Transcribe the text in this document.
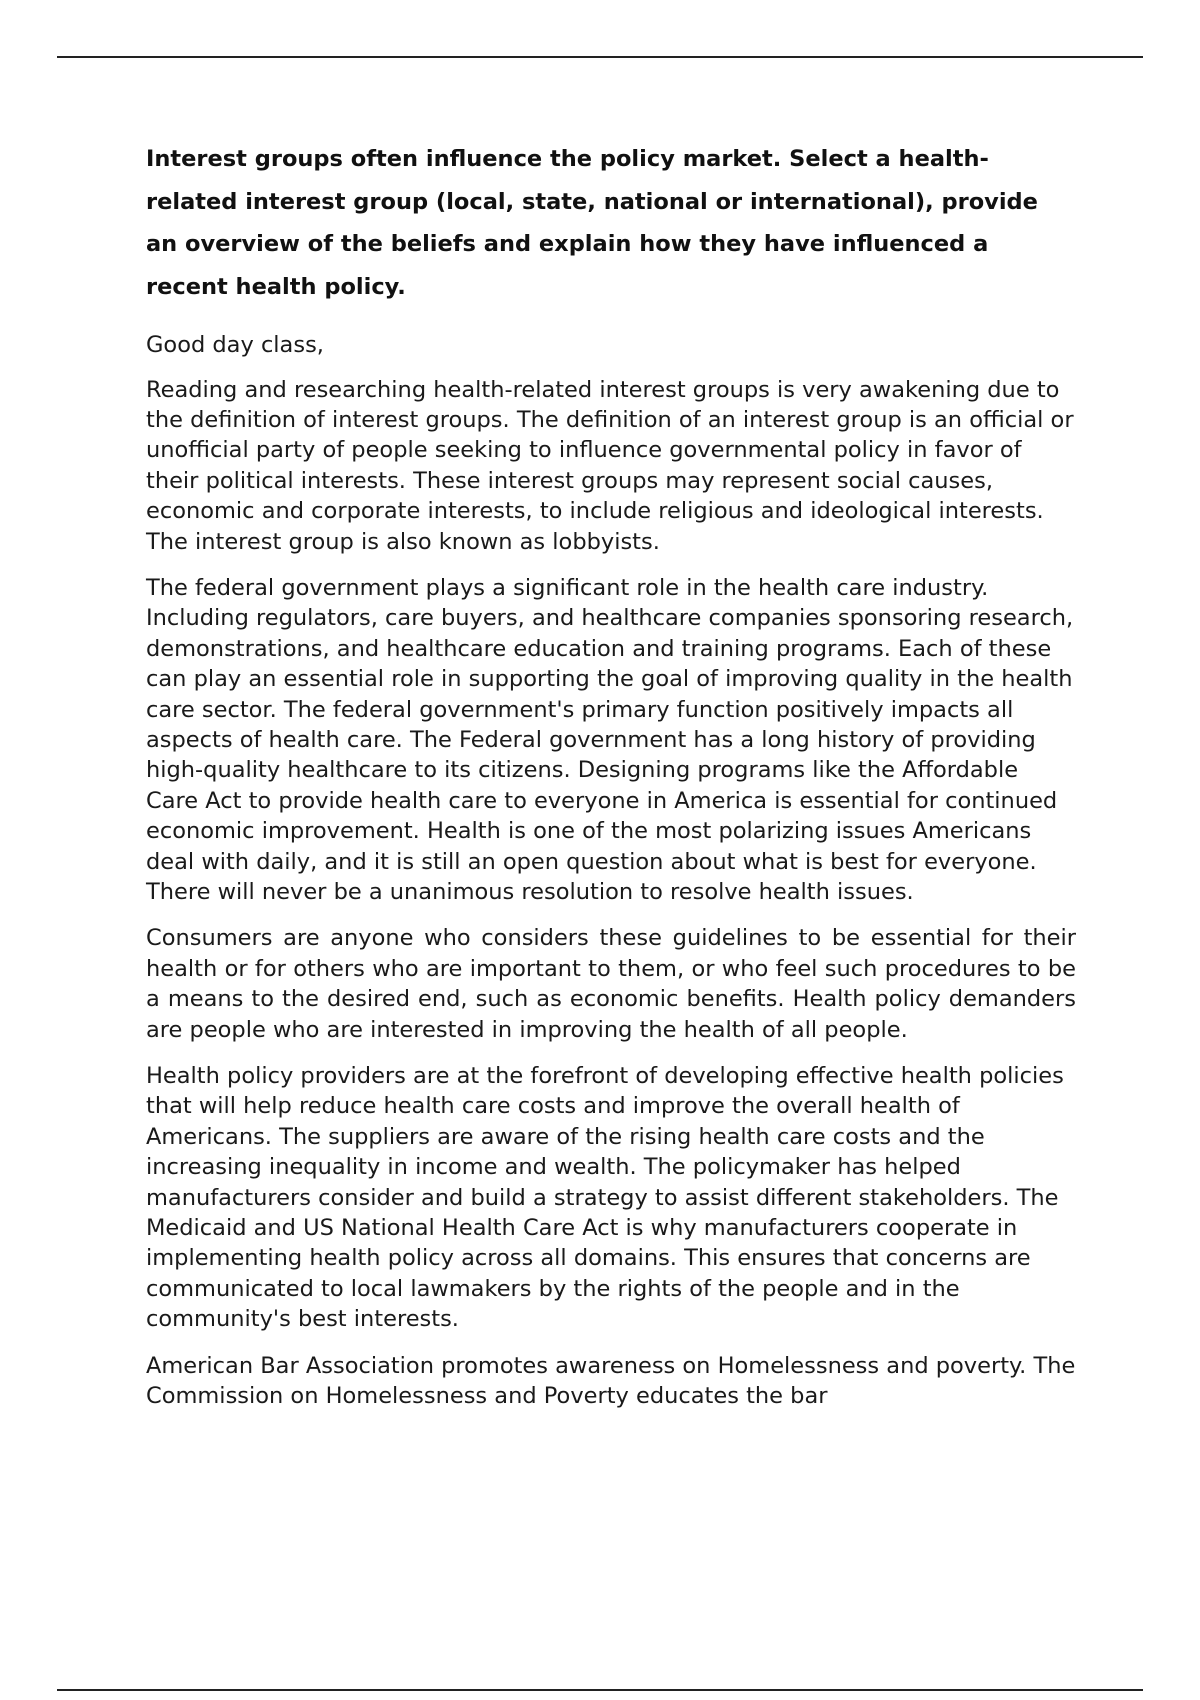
Interest groups often influence the policy market. Select a health-related interest group (local, state, national or international), provide an overview of the beliefs and explain how they have influenced a recent health policy.

Good day class,

Reading and researching health-related interest groups is very awakening due to the definition of interest groups. The definition of an interest group is an official or unofficial party of people seeking to influence governmental policy in favor of their political interests. These interest groups may represent social causes, economic and corporate interests, to include religious and ideological interests. The interest group is also known as lobbyists.

The federal government plays a significant role in the health care industry. Including regulators, care buyers, and healthcare companies sponsoring research, demonstrations, and healthcare education and training programs. Each of these can play an essential role in supporting the goal of improving quality in the health care sector. The federal government's primary function positively impacts all aspects of health care. The Federal government has a long history of providing high-quality healthcare to its citizens. Designing programs like the Affordable Care Act to provide health care to everyone in America is essential for continued economic improvement. Health is one of the most polarizing issues Americans deal with daily, and it is still an open question about what is best for everyone. There will never be a unanimous resolution to resolve health issues.

Consumers are anyone who considers these guidelines to be essential for their health or for others who are important to them, or who feel such procedures to be a means to the desired end, such as economic benefits. Health policy demanders are people who are interested in improving the health of all people.

Health policy providers are at the forefront of developing effective health policies that will help reduce health care costs and improve the overall health of Americans. The suppliers are aware of the rising health care costs and the increasing inequality in income and wealth. The policymaker has helped manufacturers consider and build a strategy to assist different stakeholders. The Medicaid and US National Health Care Act is why manufacturers cooperate in implementing health policy across all domains. This ensures that concerns are communicated to local lawmakers by the rights of the people and in the community's best interests.

American Bar Association promotes awareness on Homelessness and poverty. The Commission on Homelessness and Poverty educates the bar
